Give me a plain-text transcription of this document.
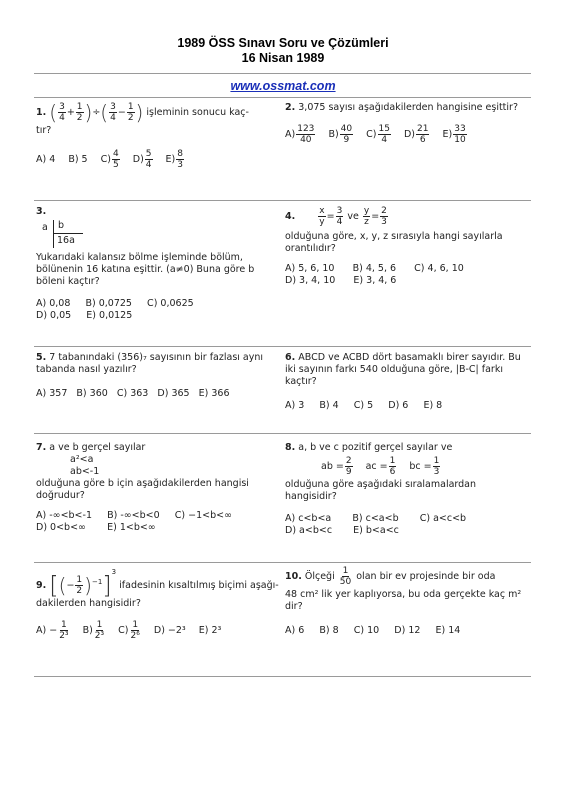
1989 ÖSS Sınavı Soru ve Çözümleri
16 Nisan 1989
www.ossmat.com
1. ( $\frac{3}{4} + \frac{1}{2}$ )÷( $\frac{3}{4} - \frac{1}{2}$ ) işleminin sonucu kaç-
tır?
A) 4 B) 5 $C) \frac{4}{5} D) \frac{5}{4} E) \frac{8}{3}$
2. 3,075 sayısı aşağıdakilerden hangisine eşittir?
$A) \frac{123}{40} B) \frac{40}{9} C) \frac{15}{4} D) \frac{21}{6} E) \frac{33}{10}$
3.
a b
16a
Yukarıdaki kalansız bölme işleminde bölüm, bölünenin 16 katına eşittir. (a≠0) Buna göre b böleni kaçtır?
A) 0,08     B) 0,0725     C) 0,0625
D) 0,05     E) 0,0125
4.	$\frac{x}{y} = \frac{3}{4}$ ve $\frac{y}{z} = \frac{2}{3}$
olduğuna göre, x, y, z sırasıyla hangi sayılarla orantılıdır?
A) 5, 6, 10      B) 4, 5, 6      C) 4, 6, 10
D) 3, 4, 10      E) 3, 4, 6
5. 7 tabanındaki (356)₇ sayısının bir fazlası aynı tabanda nasıl yazılır?
A) 357   B) 360   C) 363   D) 365   E) 366
6. ABCD ve ACBD dört basamaklı birer sayıdır. Bu iki sayının farkı 540 olduğuna göre, |B-C| farkı kaçtır?
A) 3     B) 4     C) 5     D) 6     E) 8
7. a ve b gerçel sayılar
a²<a
ab<-1
olduğuna göre b için aşağıdakilerden hangisi doğrudur?
A) -∞<b<-1     B) -∞<b<0     C) −1<b<∞
D) 0<b<∞       E) 1<b<∞
8. a, b ve c pozitif gerçel sayılar ve
ab = $\frac{2}{9}$ ac = $\frac{1}{6}$ bc = $\frac{1}{3}$
olduğuna göre aşağıdaki sıralamalardan hangisidir?
A) c<b<a       B) c<a<b       C) a<c<b
D) a<b<c       E) b<a<c
9. [(− $\frac{1}{2} )^{-1}]^3$ ifadesinin kısaltılmış biçimi aşağı-
dakilerden hangisidir?
$A) - \frac{1}{\text{2³}} B) \frac{1}{\text{2³}} C) \frac{1}{\text{2⁶}} D) -2^3$ E) 2³
10. Ölçeği $\frac{1}{50}$ olan bir ev projesinde bir oda
48 cm² lik yer kaplıyorsa, bu oda gerçekte kaç m² dir?
A) 6     B) 8     C) 10     D) 12     E) 14
